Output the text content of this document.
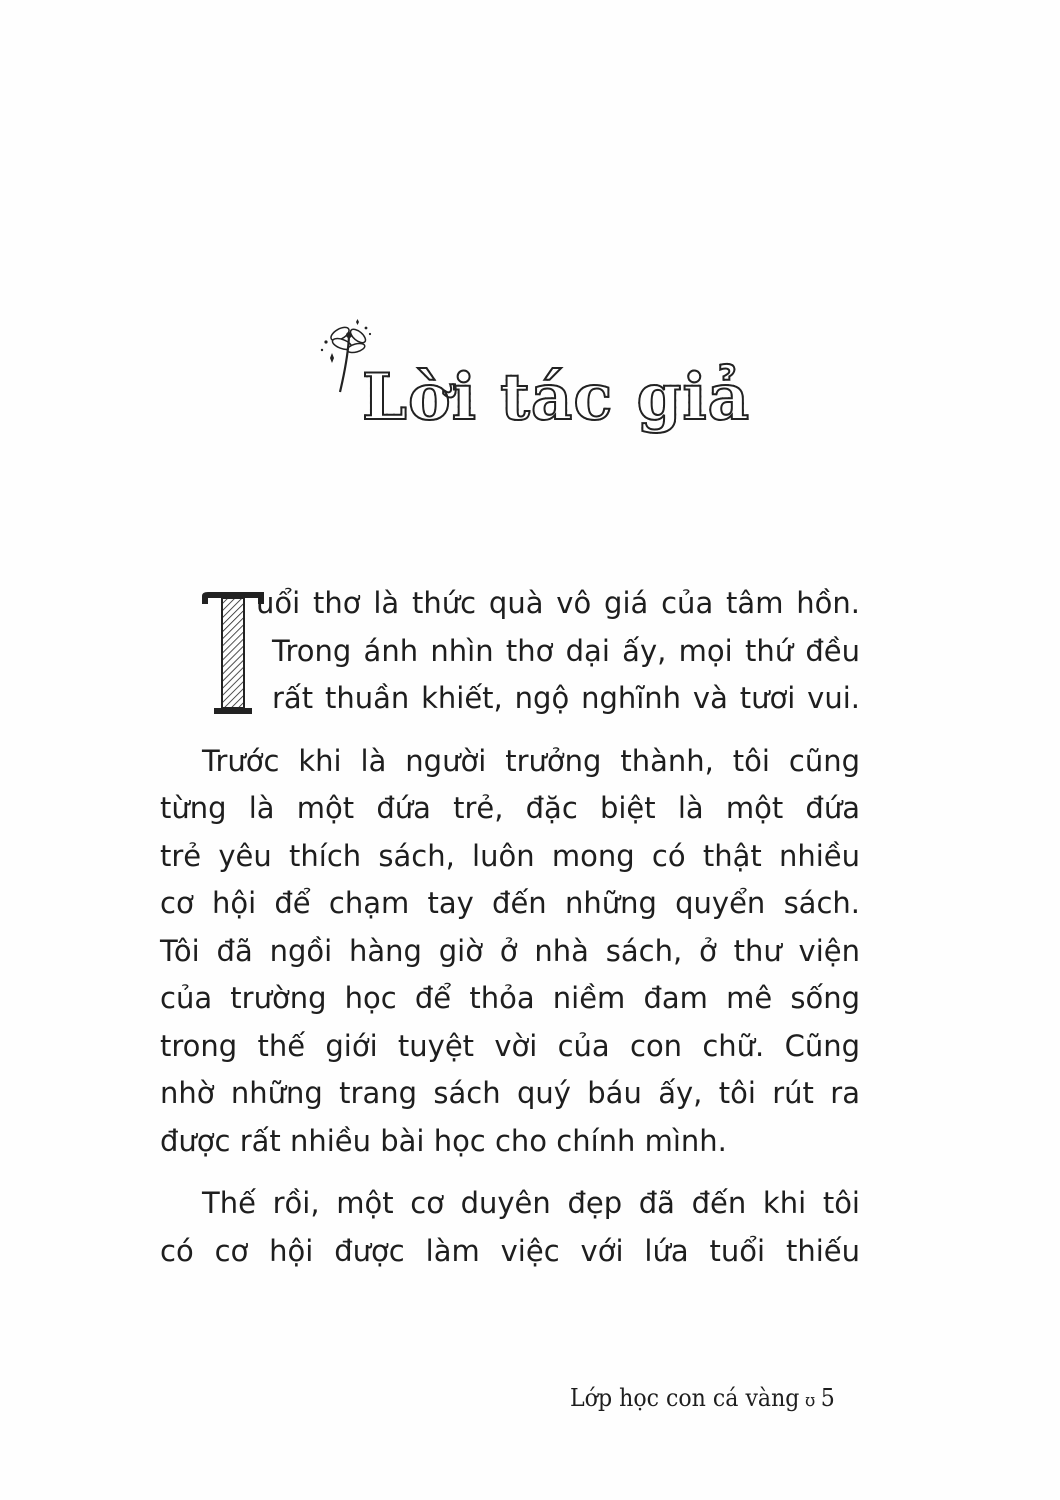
Lời tác giả
uổi thơ là thức quà vô giá của tâm hồn.
Trong ánh nhìn thơ dại ấy, mọi thứ đều
rất thuần khiết, ngộ nghĩnh và tươi vui.
Trước khi là người trưởng thành, tôi cũng
từng là một đứa trẻ, đặc biệt là một đứa
trẻ yêu thích sách, luôn mong có thật nhiều
cơ hội để chạm tay đến những quyển sách.
Tôi đã ngồi hàng giờ ở nhà sách, ở thư viện
của trường học để thỏa niềm đam mê sống
trong thế giới tuyệt vời của con chữ. Cũng
nhờ những trang sách quý báu ấy, tôi rút ra
được rất nhiều bài học cho chính mình.
Thế rồi, một cơ duyên đẹp đã đến khi tôi
có cơ hội được làm việc với lứa tuổi thiếu
Lớp học con cá vàng ʊ 5
